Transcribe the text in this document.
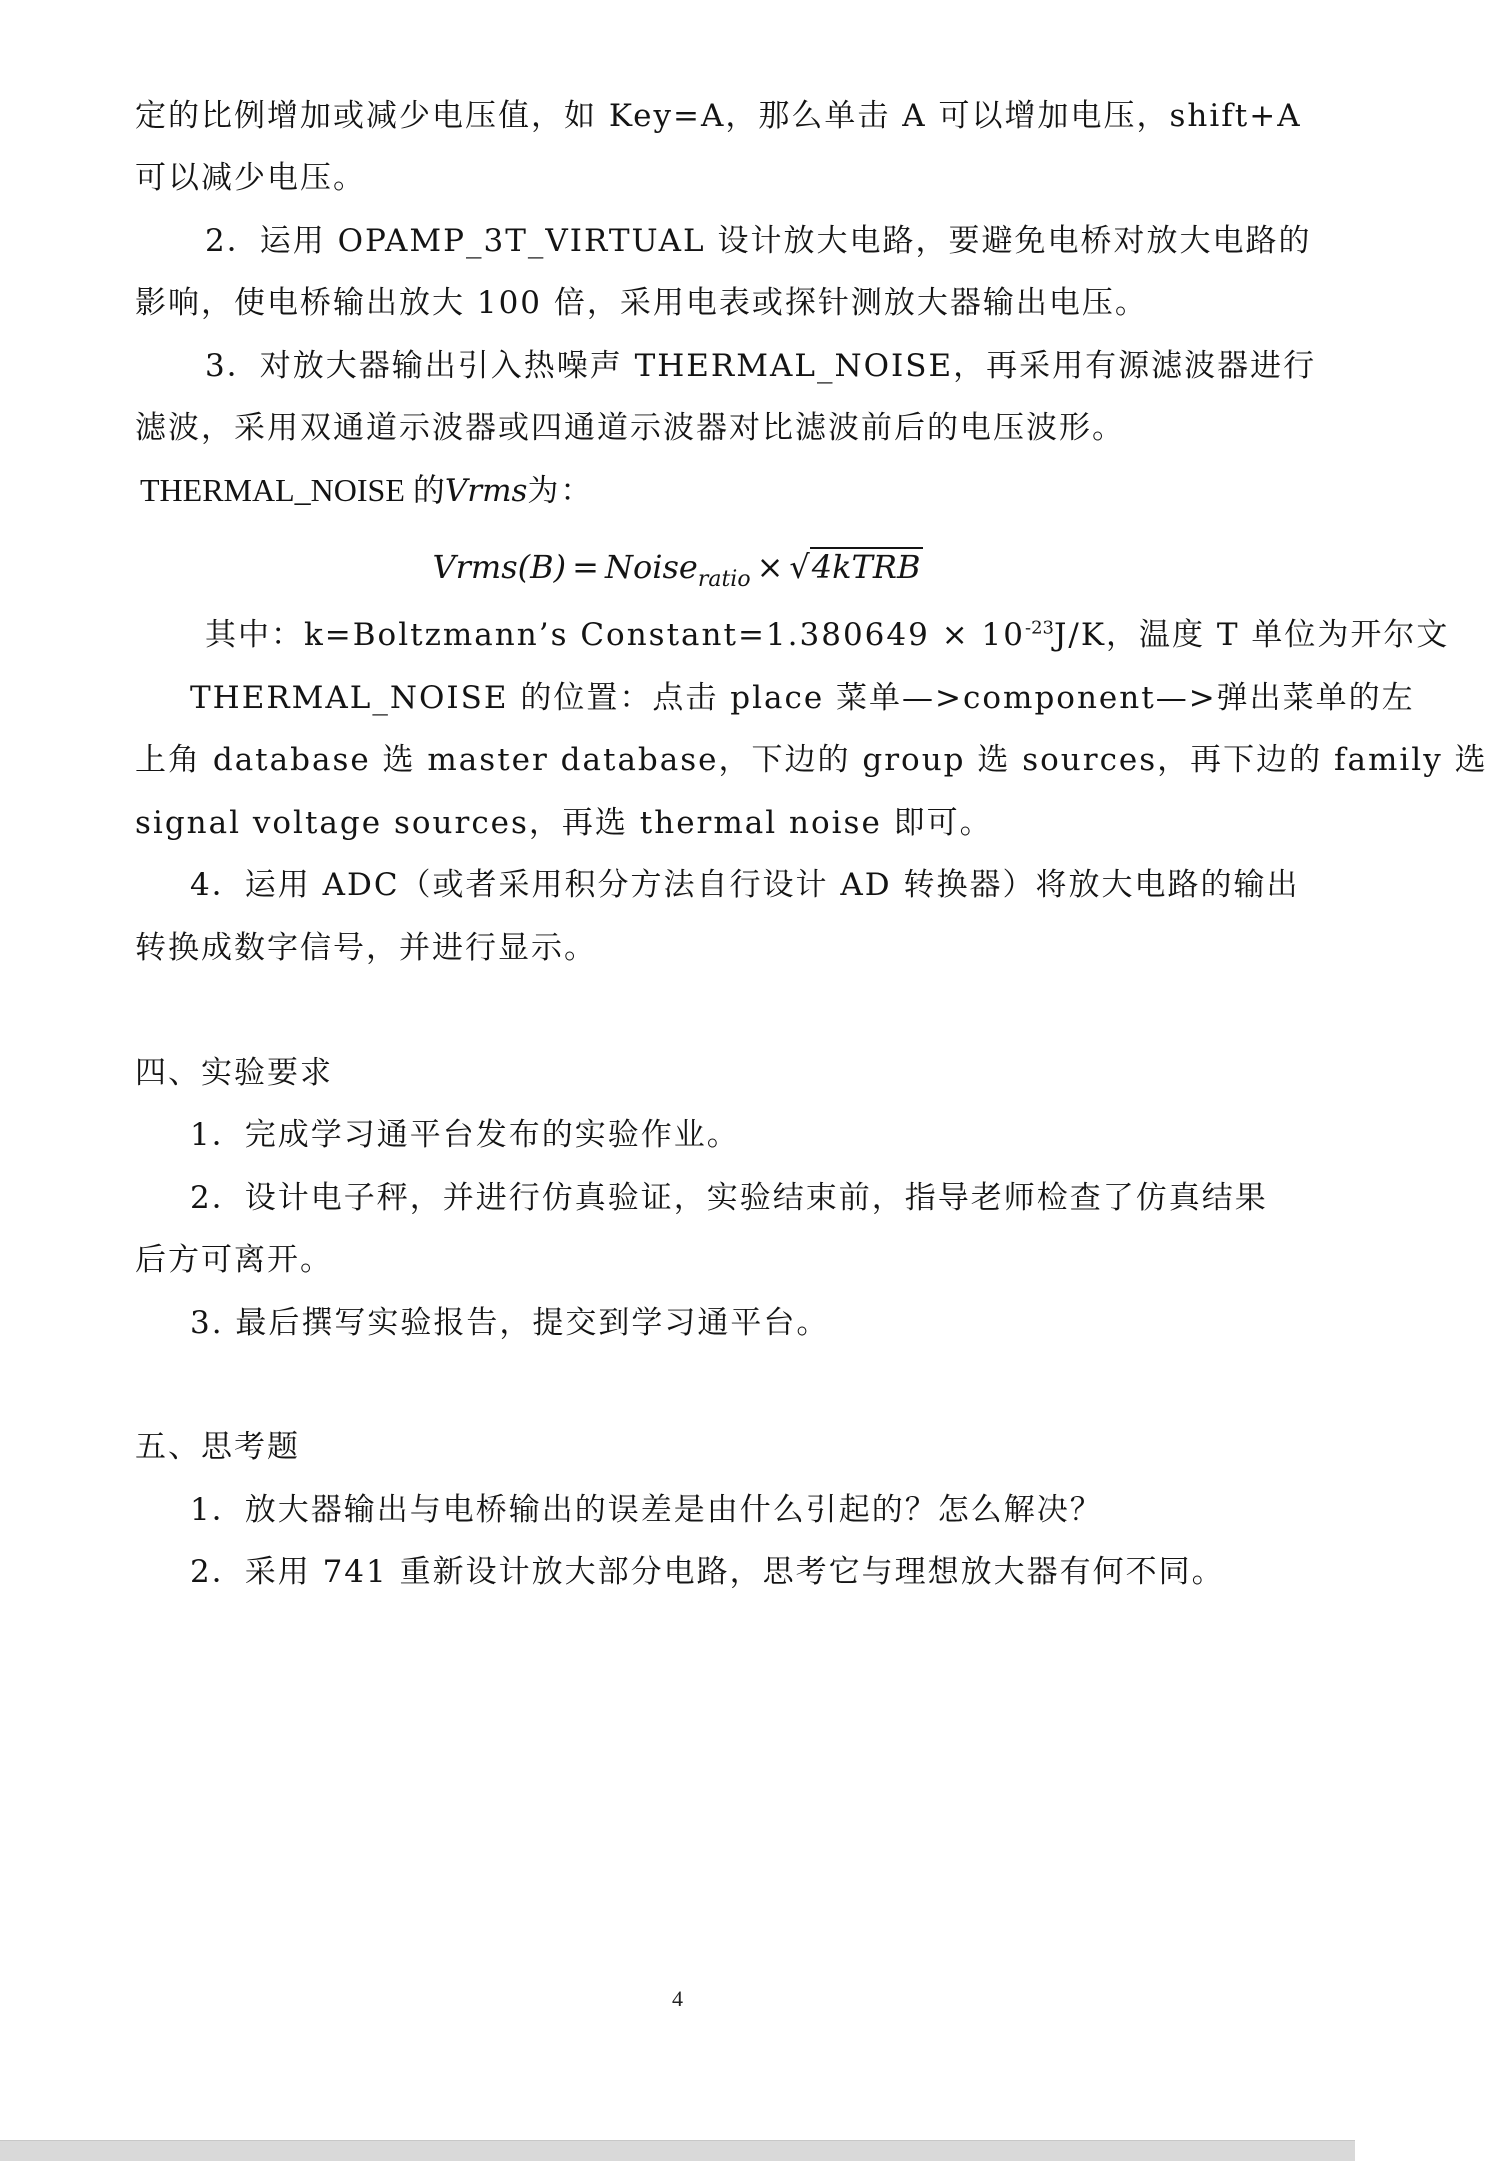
定的比例增加或减少电压值，如 Key=A，那么单击 A 可以增加电压，shift+A
可以减少电压。
2．运用 OPAMP_3T_VIRTUAL 设计放大电路，要避免电桥对放大电路的
影响，使电桥输出放大 100 倍，采用电表或探针测放大器输出电压。
3．对放大器输出引入热噪声 THERMAL_NOISE，再采用有源滤波器进行
滤波，采用双通道示波器或四通道示波器对比滤波前后的电压波形。
THERMAL_NOISE 的Vrms为：
Vrms(B) = Noise$_{ratio}$ × √4kTRB
其中：k=Boltzmann’s Constant=1.380649 × $10^{-23}J/K$，温度 T 单位为开尔文
THERMAL_NOISE 的位置：点击 place 菜单—>component—>弹出菜单的左
上角 database 选 master database，下边的 group 选 sources，再下边的 family 选
signal voltage sources，再选 thermal noise 即可。
4．运用 ADC（或者采用积分方法自行设计 AD 转换器）将放大电路的输出
转换成数字信号，并进行显示。
四、实验要求
1．完成学习通平台发布的实验作业。
2．设计电子秤，并进行仿真验证，实验结束前，指导老师检查了仿真结果
后方可离开。
3. 最后撰写实验报告，提交到学习通平台。
五、思考题
1．放大器输出与电桥输出的误差是由什么引起的？怎么解决？
2．采用 741 重新设计放大部分电路，思考它与理想放大器有何不同。
4
